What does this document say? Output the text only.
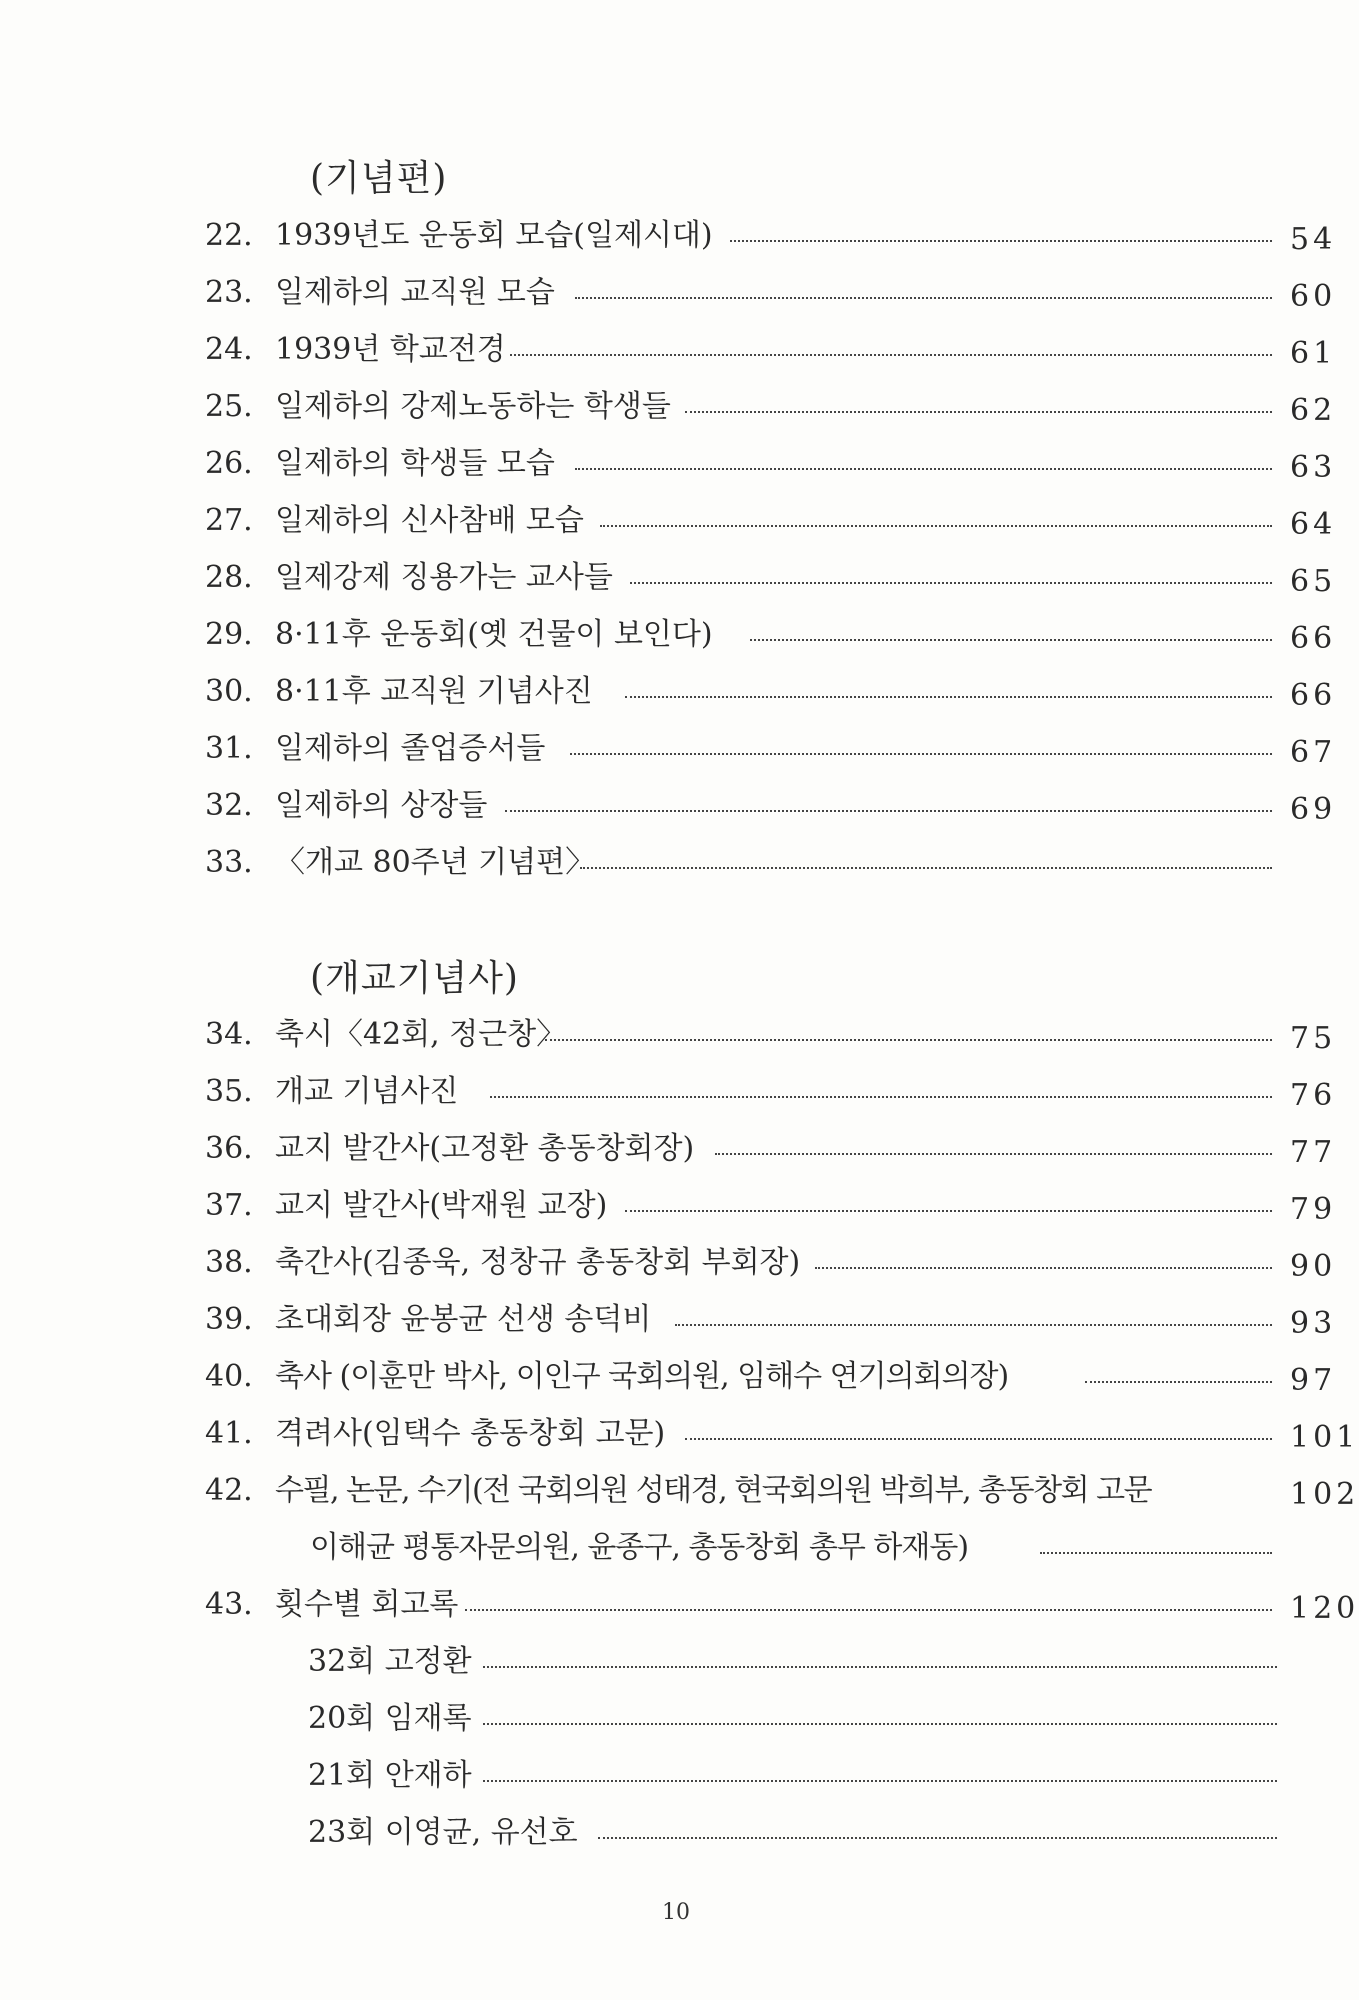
(기념편)
22. 1939년도 운동회 모습(일제시대)	54
23. 일제하의 교직원 모습	60
24. 1939년 학교전경	61
25. 일제하의 강제노동하는 학생들	62
26. 일제하의 학생들 모습	63
27. 일제하의 신사참배 모습	64
28. 일제강제 징용가는 교사들	65
29. 8·11후 운동회(옛 건물이 보인다)	66
30. 8·11후 교직원 기념사진	66
31. 일제하의 졸업증서들	67
32. 일제하의 상장들	69
33. 〈개교 80주년 기념편〉
(개교기념사)
34. 축시〈42회, 정근창〉	75
35. 개교 기념사진	76
36. 교지 발간사(고정환 총동창회장)	77
37. 교지 발간사(박재원 교장)	79
38. 축간사(김종욱, 정창규 총동창회 부회장)	90
39. 초대회장 윤봉균 선생 송덕비	93
40. 축사 (이훈만 박사, 이인구 국회의원, 임해수 연기의회의장)	97
41. 격려사(임택수 총동창회 고문)	101
42. 수필, 논문, 수기(전 국회의원 성태경, 현국회의원 박희부, 총동창회 고문	102
이해균 평통자문의원, 윤종구, 총동창회 총무 하재동)
43. 횟수별 회고록	120
32회 고정환
20회 임재록
21회 안재하
23회 이영균, 유선호
10
